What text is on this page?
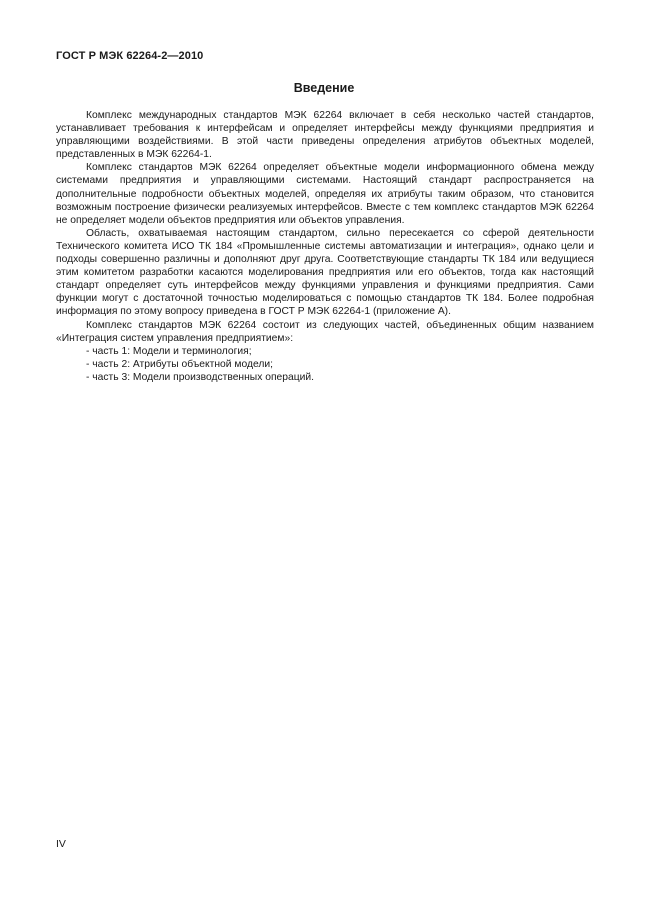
ГОСТ Р МЭК 62264-2—2010
Введение

Комплекс международных стандартов МЭК 62264 включает в себя несколько частей стандартов, устанавливает требования к интерфейсам и определяет интерфейсы между функциями предприятия и управляющими воздействиями. В этой части приведены определения атрибутов объектных моделей, представленных в МЭК 62264-1.

Комплекс стандартов МЭК 62264 определяет объектные модели информационного обмена между системами предприятия и управляющими системами. Настоящий стандарт распространяется на дополнительные подробности объектных моделей, определяя их атрибуты таким образом, что становится возможным построение физически реализуемых интерфейсов. Вместе с тем комплекс стандартов МЭК 62264 не определяет модели объектов предприятия или объектов управления.

Область, охватываемая настоящим стандартом, сильно пересекается со сферой деятельности Технического комитета ИСО ТК 184 «Промышленные системы автоматизации и интеграция», однако цели и подходы совершенно различны и дополняют друг друга. Соответствующие стандарты ТК 184 или ведущиеся этим комитетом разработки касаются моделирования предприятия или его объектов, тогда как настоящий стандарт определяет суть интерфейсов между функциями управления и функциями предприятия. Сами функции могут с достаточной точностью моделироваться с помощью стандартов ТК 184. Более подробная информация по этому вопросу приведена в ГОСТ Р МЭК 62264-1 (приложение А).

Комплекс стандартов МЭК 62264 состоит из следующих частей, объединенных общим названием «Интеграция систем управления предприятием»:

- часть 1: Модели и терминология;
- часть 2: Атрибуты объектной модели;
- часть 3: Модели производственных операций.
IV
